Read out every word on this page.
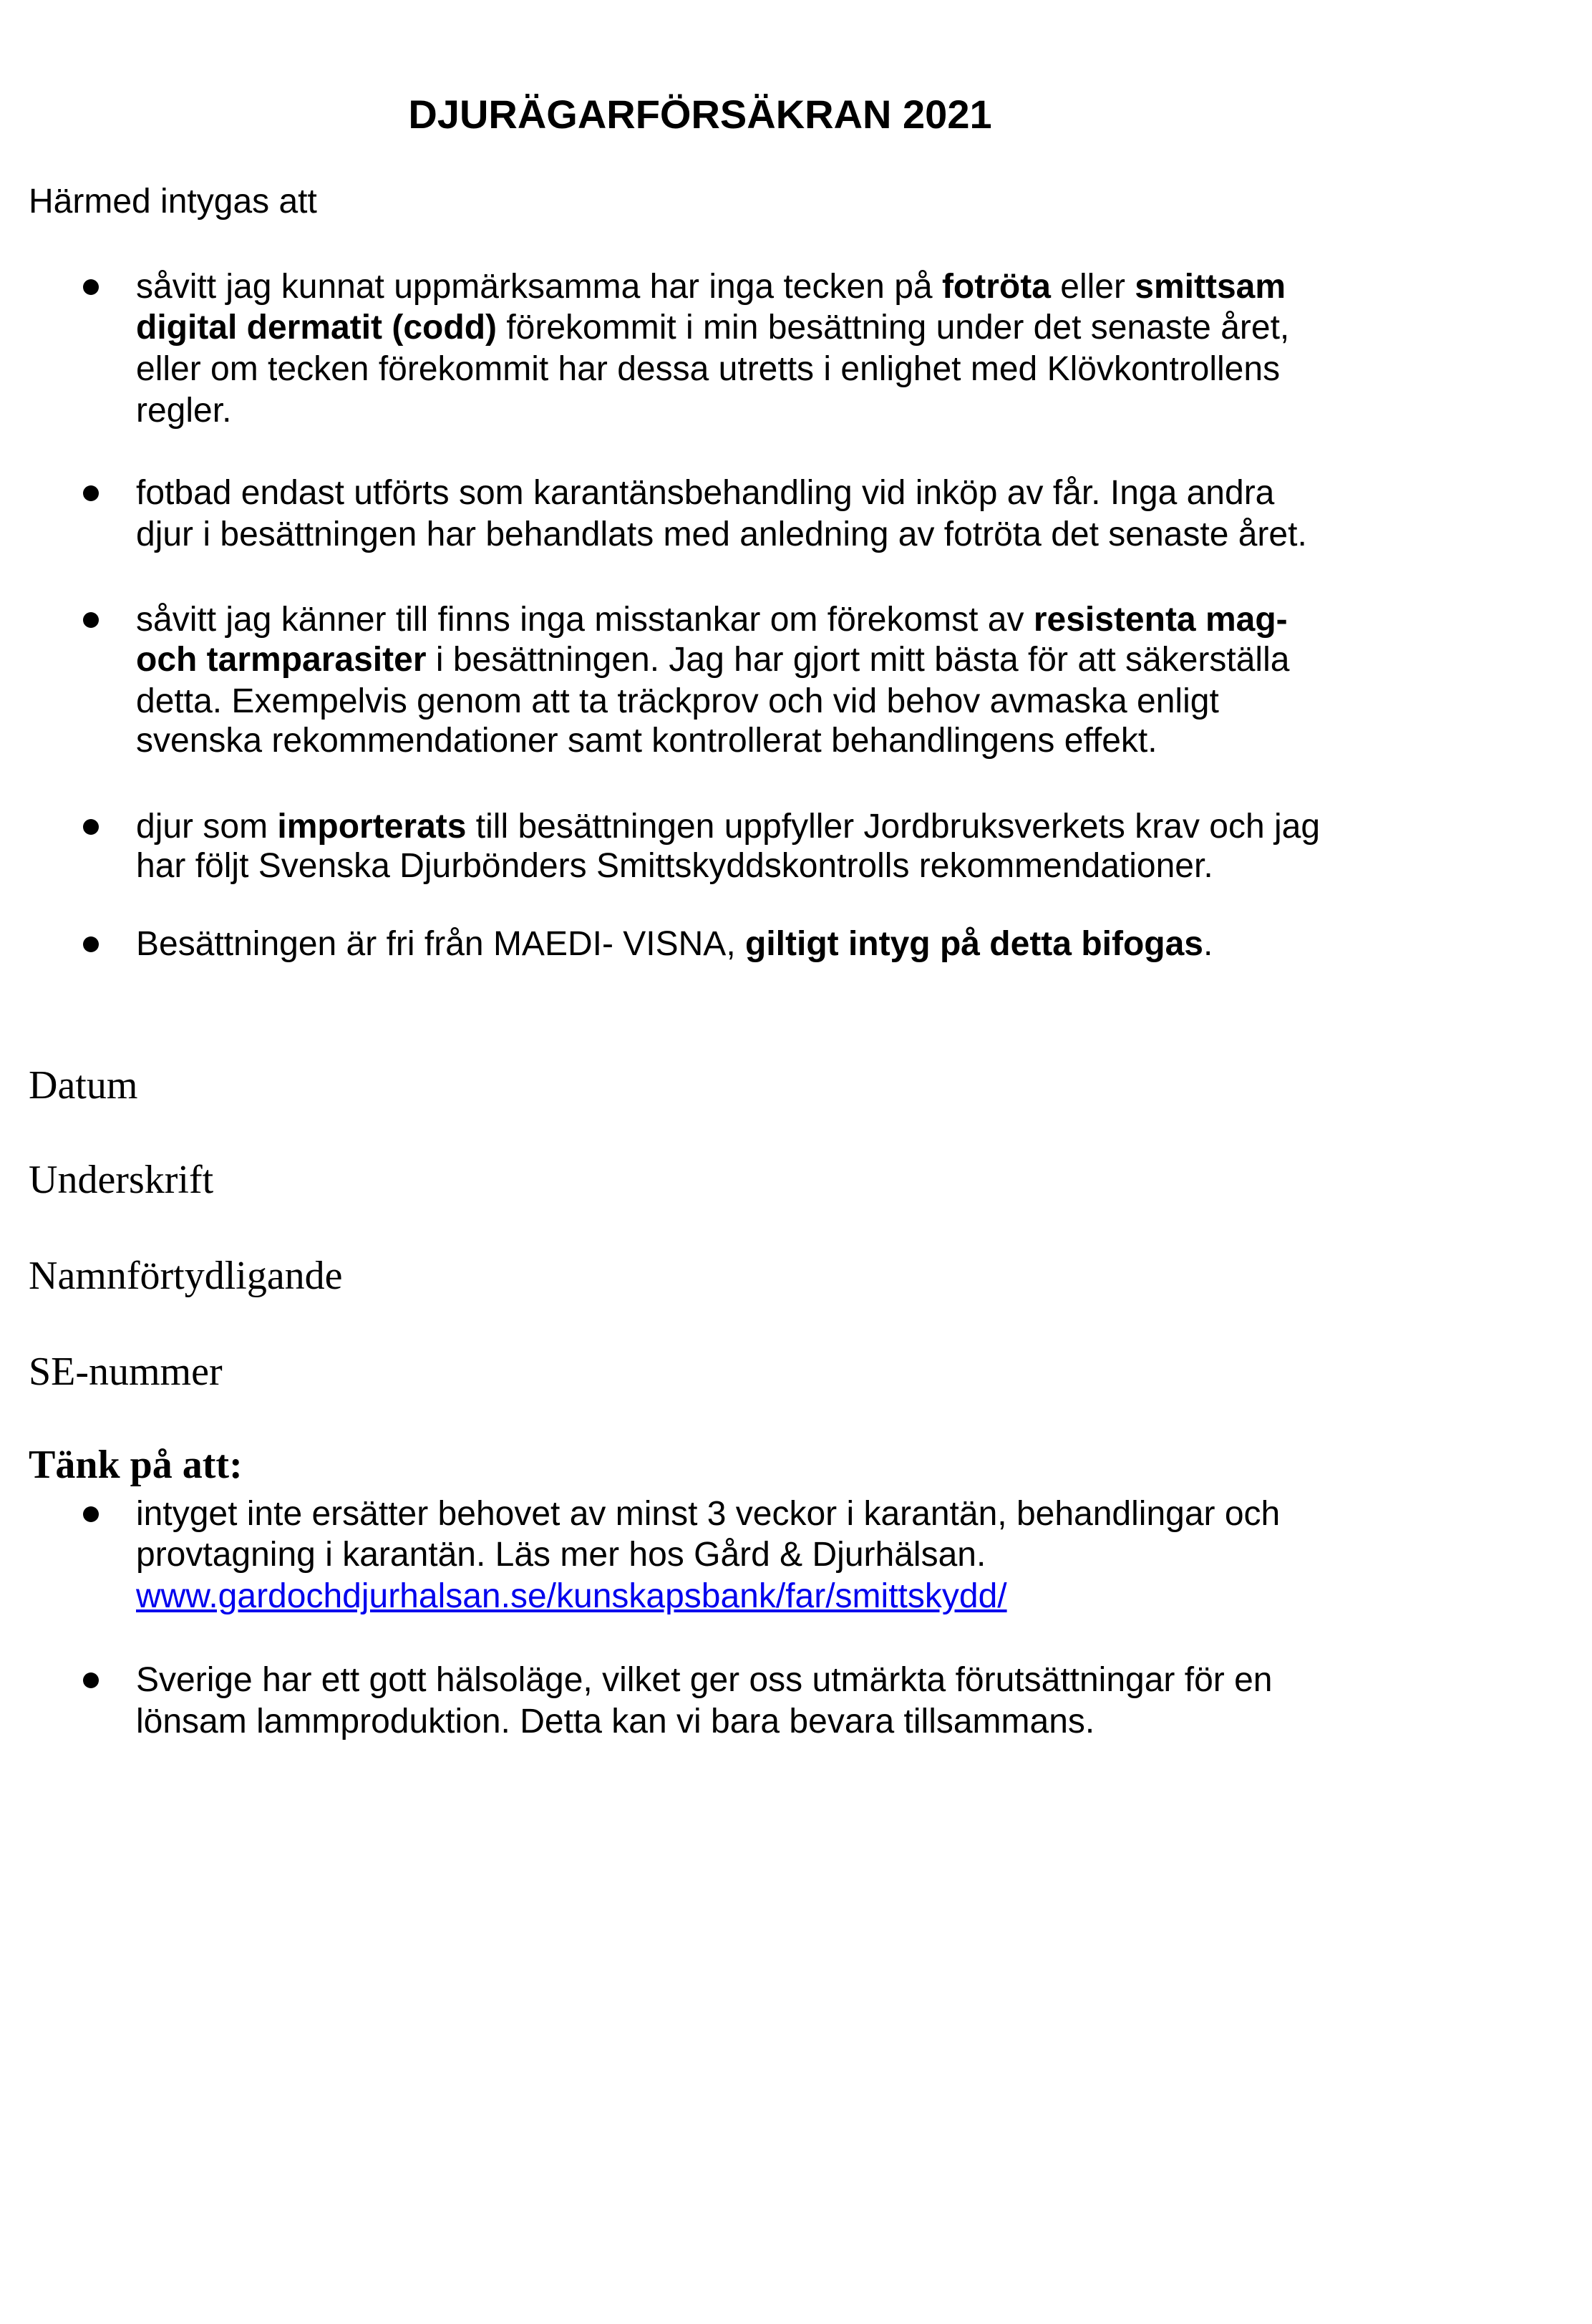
DJURÄGARFÖRSÄKRAN 2021
Härmed intygas att
såvitt jag kunnat uppmärksamma har inga tecken på fotröta eller smittsam
digital dermatit (codd) förekommit i min besättning under det senaste året,
eller om tecken förekommit har dessa utretts i enlighet med Klövkontrollens
regler.
fotbad endast utförts som karantänsbehandling vid inköp av får. Inga andra
djur i besättningen har behandlats med anledning av fotröta det senaste året.
såvitt jag känner till finns inga misstankar om förekomst av resistenta mag-
och tarmparasiter i besättningen. Jag har gjort mitt bästa för att säkerställa
detta. Exempelvis genom att ta träckprov och vid behov avmaska enligt
svenska rekommendationer samt kontrollerat behandlingens effekt.
djur som importerats till besättningen uppfyller Jordbruksverkets krav och jag
har följt Svenska Djurbönders Smittskyddskontrolls rekommendationer.
Besättningen är fri från MAEDI- VISNA, giltigt intyg på detta bifogas.
Datum
Underskrift
Namnförtydligande
SE-nummer
Tänk på att:
intyget inte ersätter behovet av minst 3 veckor i karantän, behandlingar och
provtagning i karantän. Läs mer hos Gård & Djurhälsan.
www.gardochdjurhalsan.se/kunskapsbank/far/smittskydd/
Sverige har ett gott hälsoläge, vilket ger oss utmärkta förutsättningar för en
lönsam lammproduktion. Detta kan vi bara bevara tillsammans.
